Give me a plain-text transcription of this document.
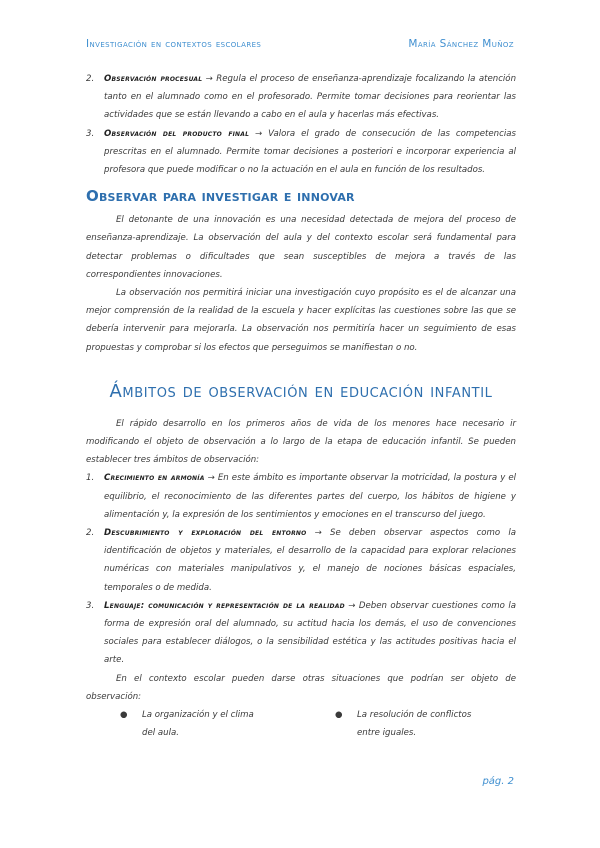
Investigación en contextos escolares	María Sánchez Muñoz
2.	Observación procesual → Regula el proceso de enseñanza-aprendizaje focalizando la atención tanto en el alumnado como en el profesorado. Permite tomar decisiones para reorientar las actividades que se están llevando a cabo en el aula y hacerlas más efectivas.
3.	Observación del producto final → Valora el grado de consecución de las competencias prescritas en el alumnado. Permite tomar decisiones a posteriori e incorporar experiencia al profesora que puede modificar o no la actuación en el aula en función de los resultados.
Observar para investigar e innovar

El detonante de una innovación es una necesidad detectada de mejora del proceso de enseñanza-aprendizaje. La observación del aula y del contexto escolar será fundamental para detectar problemas o dificultades que sean susceptibles de mejora a través de las correspondientes innovaciones.

La observación nos permitirá iniciar una investigación cuyo propósito es el de alcanzar una mejor comprensión de la realidad de la escuela y hacer explícitas las cuestiones sobre las que se debería intervenir para mejorarla. La observación nos permitiría hacer un seguimiento de esas propuestas y comprobar si los efectos que perseguimos se manifiestan o no.

Ámbitos de observación en educación infantil

El rápido desarrollo en los primeros años de vida de los menores hace necesario ir modificando el objeto de observación a lo largo de la etapa de educación infantil. Se pueden establecer tres ámbitos de observación:

1.	Crecimiento en armonía → En este ámbito es importante observar la motricidad, la postura y el equilibrio, el reconocimiento de las diferentes partes del cuerpo, los hábitos de higiene y alimentación y, la expresión de los sentimientos y emociones en el transcurso del juego.
2.	Descubrimiento y exploración del entorno → Se deben observar aspectos como la identificación de objetos y materiales, el desarrollo de la capacidad para explorar relaciones numéricas con materiales manipulativos y, el manejo de nociones básicas espaciales, temporales o de medida.
3.	Lenguaje: comunicación y representación de la realidad → Deben observar cuestiones como la forma de expresión oral del alumnado, su actitud hacia los demás, el uso de convenciones sociales para establecer diálogos, o la sensibilidad estética y las actitudes positivas hacia el arte.

En el contexto escolar pueden darse otras situaciones que podrían ser objeto de observación:

● La organización y el clima del aula.
● La resolución de conflictos entre iguales.
pág. 2
